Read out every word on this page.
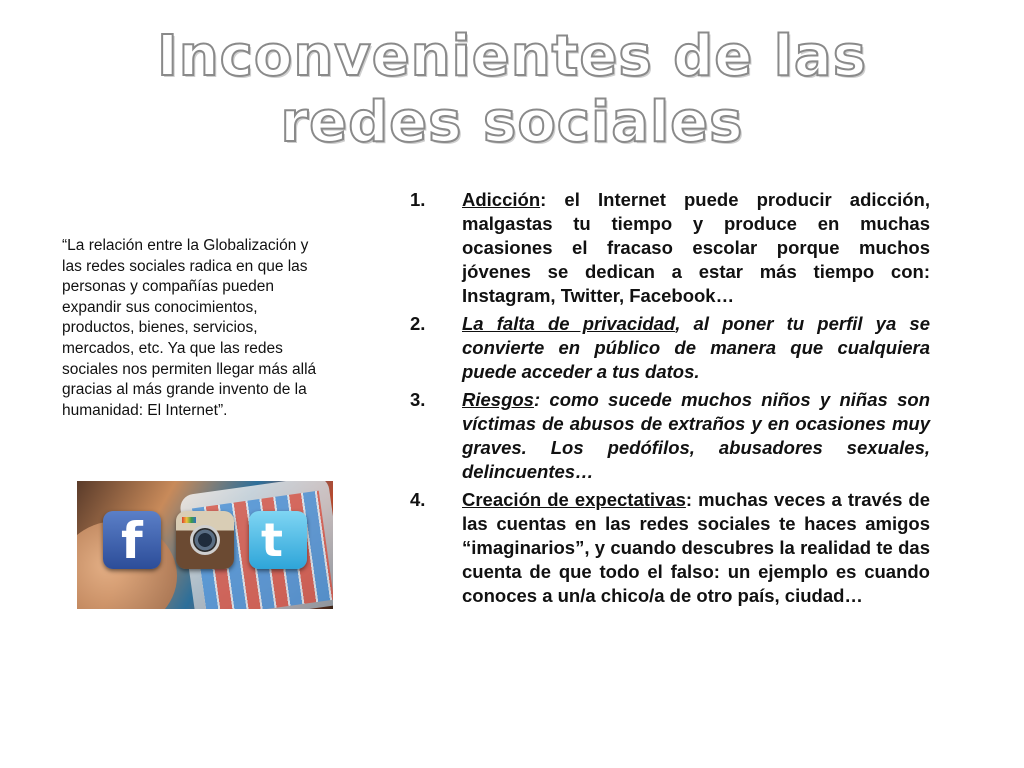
Inconvenientes de las redes sociales

“La relación entre la Globalización y las redes sociales radica en que las personas y compañías pueden expandir sus conocimientos, productos, bienes, servicios, mercados, etc. Ya que las redes sociales nos permiten llegar más allá gracias al más grande invento de la humanidad: El Internet”.

f	t
1. Adicción: el Internet puede producir adicción, malgastas tu tiempo y produce en muchas ocasiones el fracaso escolar porque muchos jóvenes se dedican a estar más tiempo con: Instagram, Twitter, Facebook…
2. La falta de privacidad, al poner tu perfil ya se convierte en público de manera que cualquiera puede acceder a tus datos.
3. Riesgos: como sucede muchos niños y niñas son víctimas de abusos de extraños y en ocasiones muy graves. Los pedófilos, abusadores sexuales, delincuentes…
4. Creación de expectativas: muchas veces a través de las cuentas en las redes sociales te haces amigos “imaginarios”, y cuando descubres la realidad te das cuenta de que todo el falso: un ejemplo es cuando conoces a un/a chico/a de otro país, ciudad…
